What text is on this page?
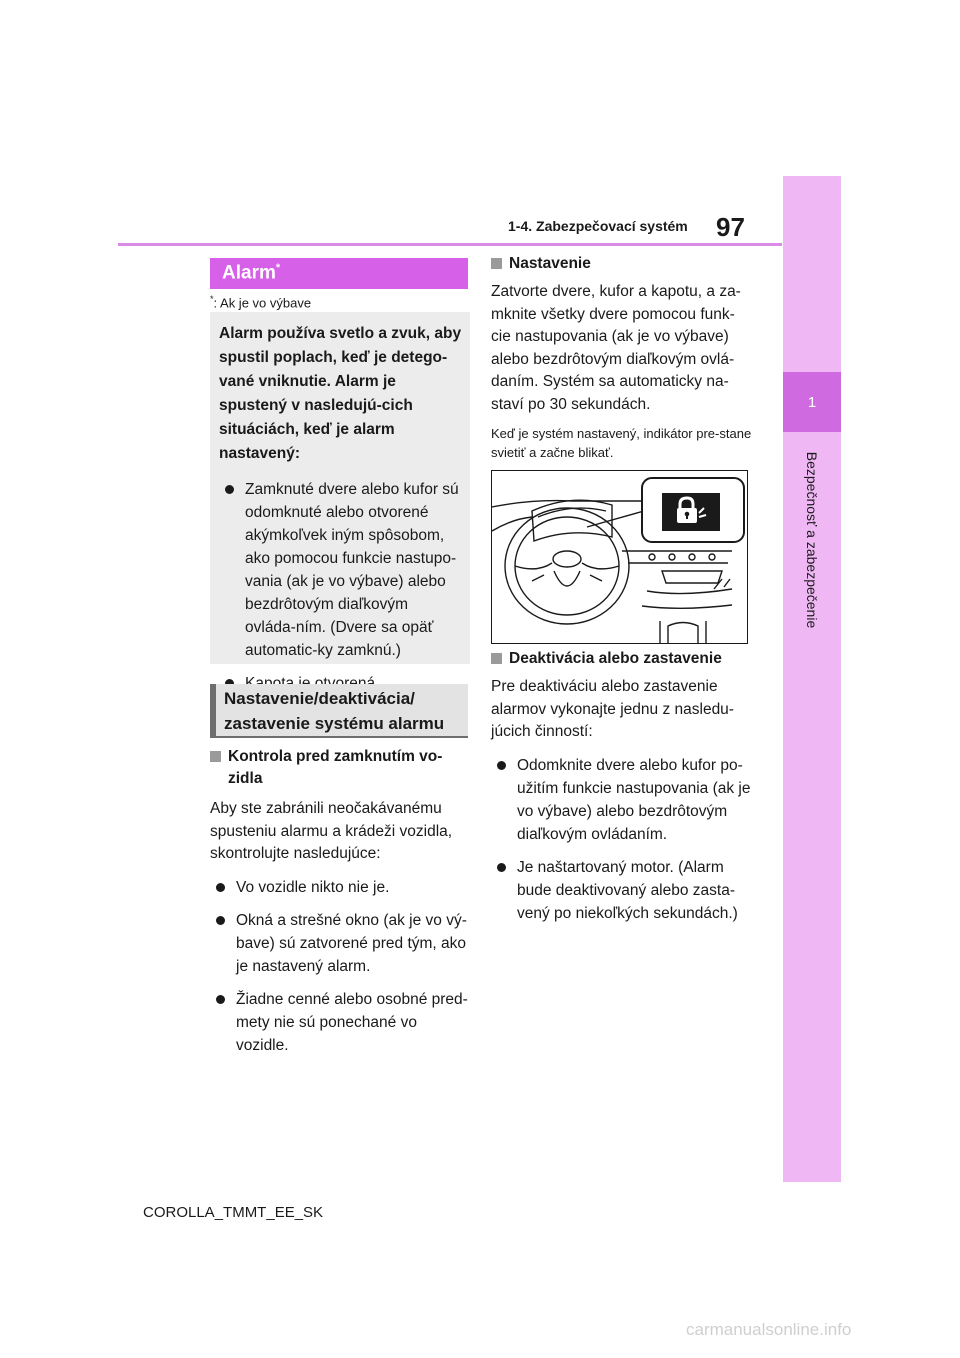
1-4. Zabezpečovací systém 97
1
Bezpečnosť a zabezpečenie
Alarm*
*: Ak je vo výbave

Alarm používa svetlo a zvuk, aby spustil poplach, keď je detego-vané vniknutie. Alarm je spustený v nasledujú-cich situáciách, keď je alarm nastavený:

Zamknuté dvere alebo kufor sú odomknuté alebo otvorené akýmkoľvek iným spôsobom, ako pomocou funkcie nastupo-vania (ak je vo výbave) alebo bezdrôtovým diaľkovým ovláda-ním. (Dvere sa opäť automatic-ky zamknú.)
Nastavenie/deaktivácia/ zastavenie systému alarmu
Kontrola pred zamknutím vo-zidla
Aby ste zabránili neočakávanému spusteniu alarmu a krádeži vozidla, skontrolujte nasledujúce:
Vo vozidle nikto nie je.
Okná a strešné okno (ak je vo vý-bave) sú zatvorené pred tým, ako je nastavený alarm.
Žiadne cenné alebo osobné pred-mety nie sú ponechané vo vozidle.
Nastavenie
Zatvorte dvere, kufor a kapotu, a za-mknite všetky dvere pomocou funk-cie nastupovania (ak je vo výbave) alebo bezdrôtovým diaľkovým ovlá-daním. Systém sa automaticky na-staví po 30 sekundách.
Keď je systém nastavený, indikátor pre-stane svietiť a začne blikať.
Deaktivácia alebo zastavenie
Pre deaktiváciu alebo zastavenie alarmov vykonajte jednu z nasledu-júcich činností:
Odomknite dvere alebo kufor po-užitím funkcie nastupovania (ak je vo výbave) alebo bezdrôtovým diaľkovým ovládaním.
Je naštartovaný motor. (Alarm bude deaktivovaný alebo zasta-vený po niekoľkých sekundách.)
COROLLA_TMMT_EE_SK
carmanualsonline.info
